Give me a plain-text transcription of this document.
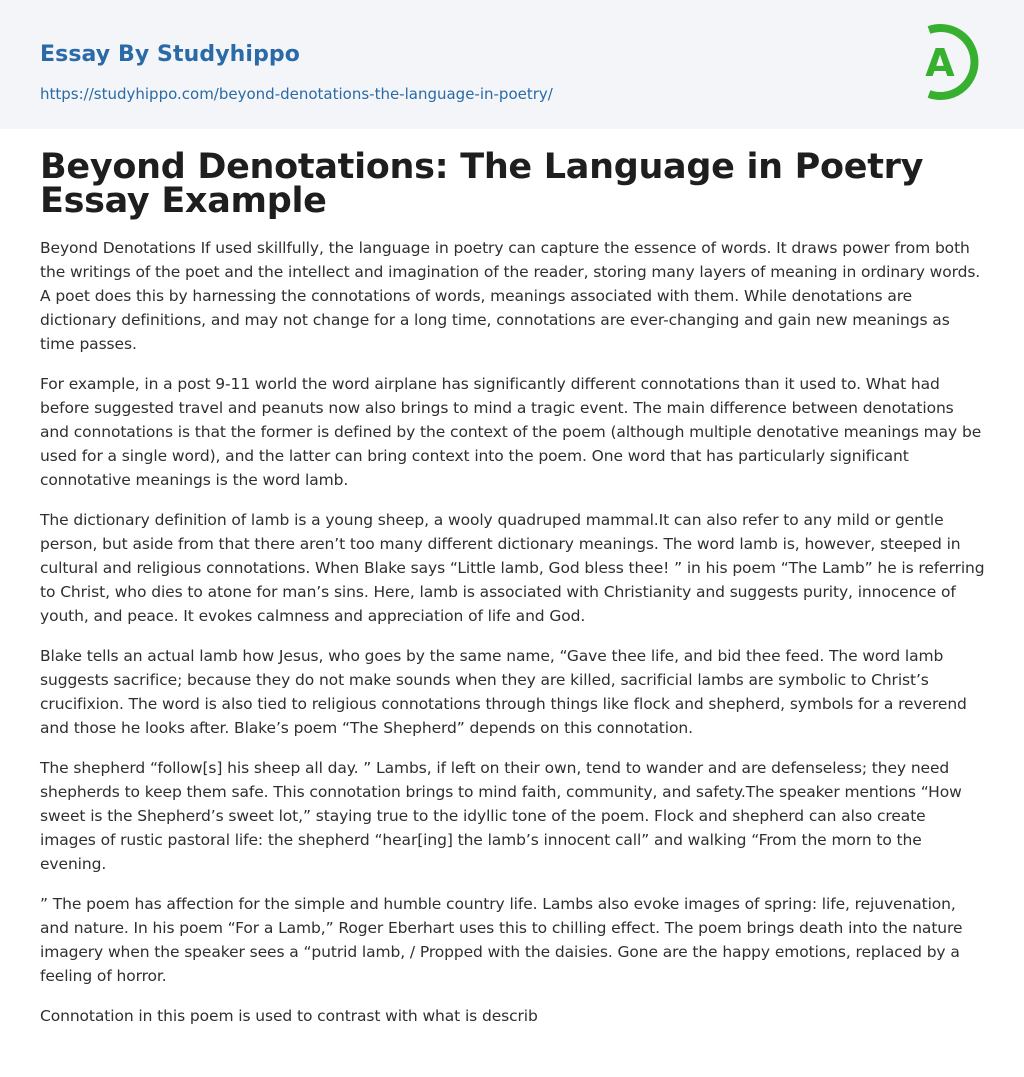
Essay By Studyhippo
https://studyhippo.com/beyond-denotations-the-language-in-poetry/
A
Beyond Denotations: The Language in Poetry Essay Example

Beyond Denotations If used skillfully, the language in poetry can capture the essence of words. It draws power from both the writings of the poet and the intellect and imagination of the reader, storing many layers of meaning in ordinary words. A poet does this by harnessing the connotations of words, meanings associated with them. While denotations are dictionary definitions, and may not change for a long time, connotations are ever-changing and gain new meanings as time passes.

For example, in a post 9-11 world the word airplane has significantly different connotations than it used to. What had before suggested travel and peanuts now also brings to mind a tragic event. The main difference between denotations and connotations is that the former is defined by the context of the poem (although multiple denotative meanings may be used for a single word), and the latter can bring context into the poem. One word that has particularly significant connotative meanings is the word lamb.

The dictionary definition of lamb is a young sheep, a wooly quadruped mammal.It can also refer to any mild or gentle person, but aside from that there aren’t too many different dictionary meanings. The word lamb is, however, steeped in cultural and religious connotations. When Blake says “Little lamb, God bless thee! ” in his poem “The Lamb” he is referring to Christ, who dies to atone for man’s sins. Here, lamb is associated with Christianity and suggests purity, innocence of youth, and peace. It evokes calmness and appreciation of life and God.

Blake tells an actual lamb how Jesus, who goes by the same name, “Gave thee life, and bid thee feed. The word lamb suggests sacrifice; because they do not make sounds when they are killed, sacrificial lambs are symbolic to Christ’s crucifixion. The word is also tied to religious connotations through things like flock and shepherd, symbols for a reverend and those he looks after. Blake’s poem “The Shepherd” depends on this connotation.

The shepherd “follow[s] his sheep all day. ” Lambs, if left on their own, tend to wander and are defenseless; they need shepherds to keep them safe. This connotation brings to mind faith, community, and safety.The speaker mentions “How sweet is the Shepherd’s sweet lot,” staying true to the idyllic tone of the poem. Flock and shepherd can also create images of rustic pastoral life: the shepherd “hear[ing] the lamb’s innocent call” and walking “From the morn to the evening.

” The poem has affection for the simple and humble country life. Lambs also evoke images of spring: life, rejuvenation, and nature. In his poem “For a Lamb,” Roger Eberhart uses this to chilling effect. The poem brings death into the nature imagery when the speaker sees a “putrid lamb, / Propped with the daisies. Gone are the happy emotions, replaced by a feeling of horror.

Connotation in this poem is used to contrast with what is describ
